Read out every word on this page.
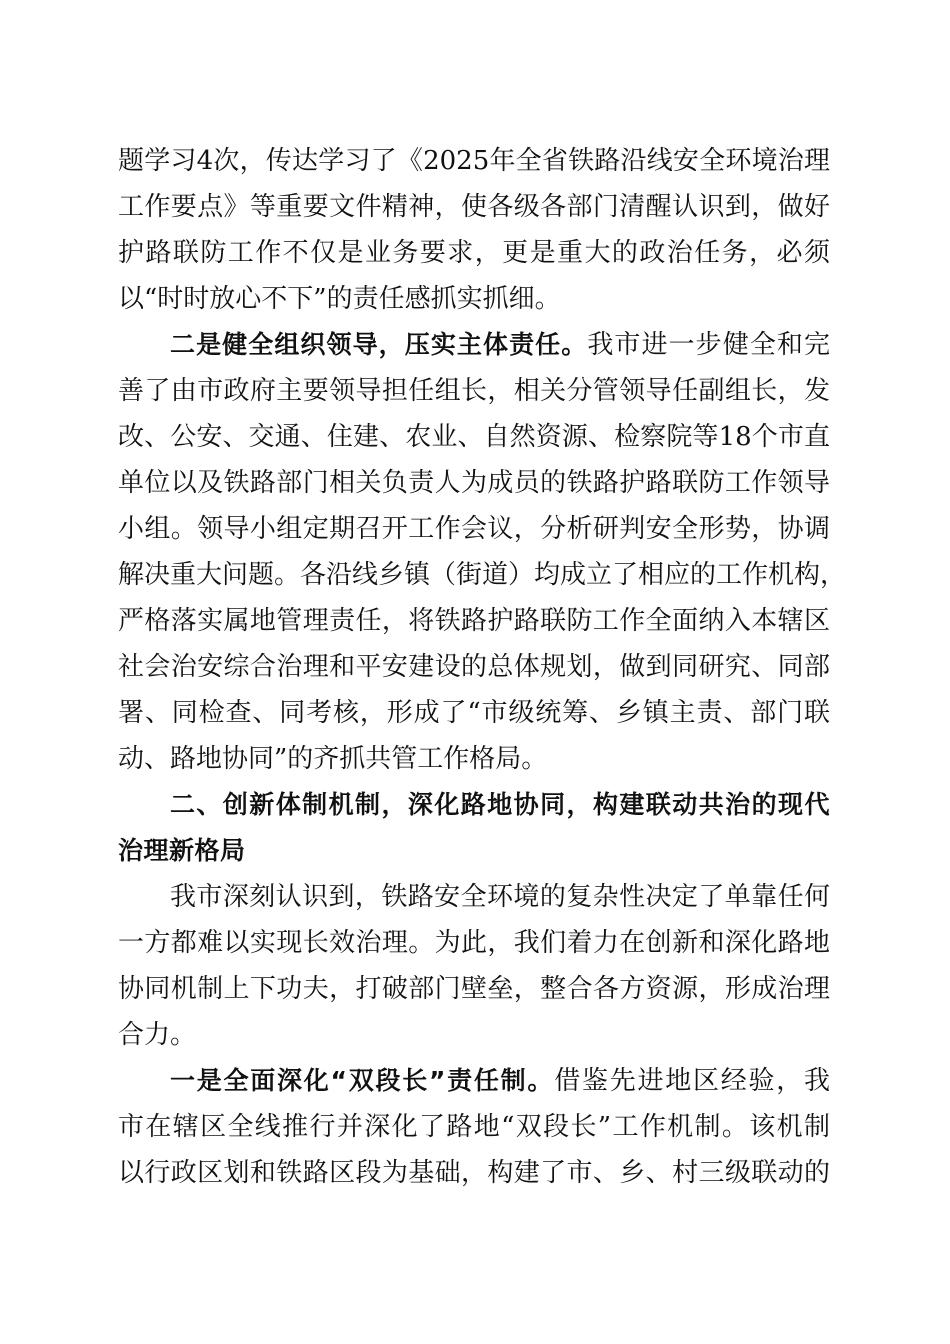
题学习4次，传达学习了《2025年全省铁路沿线安全环境治理
工作要点》等重要文件精神，使各级各部门清醒认识到，做好
护路联防工作不仅是业务要求，更是重大的政治任务，必须
以“时时放心不下”的责任感抓实抓细。
二是健全组织领导，压实主体责任。我市进一步健全和完
善了由市政府主要领导担任组长，相关分管领导任副组长，发
改、公安、交通、住建、农业、自然资源、检察院等18个市直
单位以及铁路部门相关负责人为成员的铁路护路联防工作领导
小组。领导小组定期召开工作会议，分析研判安全形势，协调
解决重大问题。各沿线乡镇（街道）均成立了相应的工作机构，
严格落实属地管理责任，将铁路护路联防工作全面纳入本辖区
社会治安综合治理和平安建设的总体规划，做到同研究、同部
署、同检查、同考核，形成了“市级统筹、乡镇主责、部门联
动、路地协同”的齐抓共管工作格局。
二、创新体制机制，深化路地协同，构建联动共治的现代
治理新格局
我市深刻认识到，铁路安全环境的复杂性决定了单靠任何
一方都难以实现长效治理。为此，我们着力在创新和深化路地
协同机制上下功夫，打破部门壁垒，整合各方资源，形成治理
合力。
一是全面深化“双段长”责任制。借鉴先进地区经验，我
市在辖区全线推行并深化了路地“双段长”工作机制。该机制
以行政区划和铁路区段为基础，构建了市、乡、村三级联动的
